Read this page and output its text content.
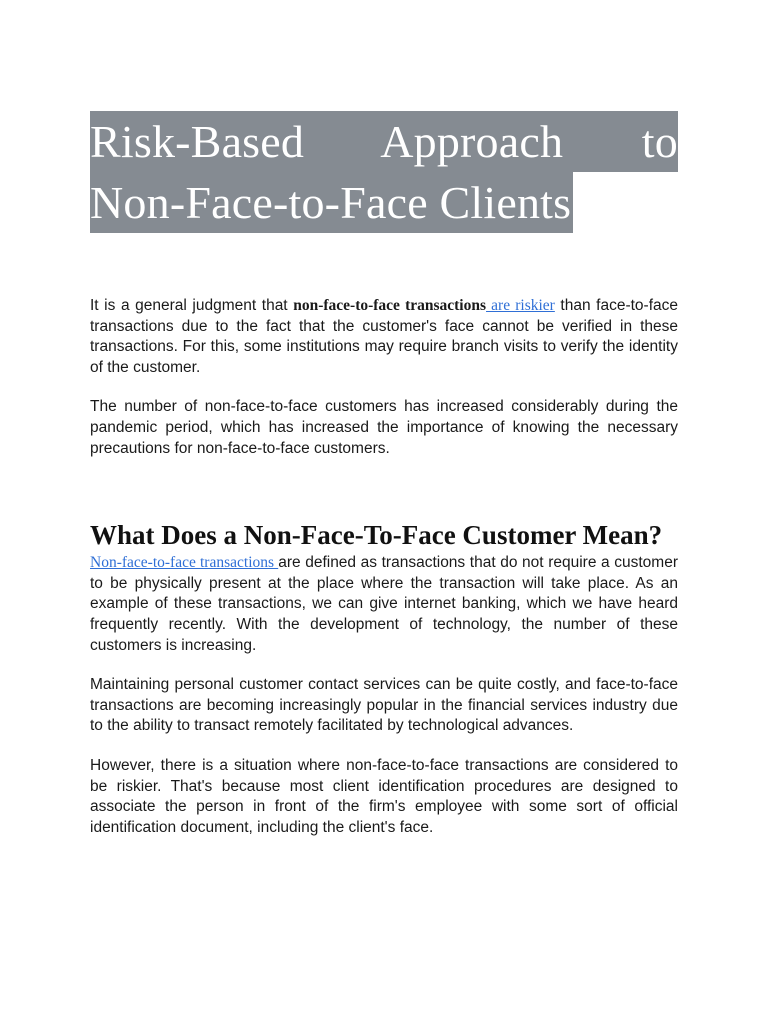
Risk-Based Approach to
Non-Face-to-Face Clients

It is a general judgment that non-face-to-face transactions are riskier than face-to-face transactions due to the fact that the customer's face cannot be verified in these transactions. For this, some institutions may require branch visits to verify the identity of the customer.

The number of non-face-to-face customers has increased considerably during the pandemic period, which has increased the importance of knowing the necessary precautions for non-face-to-face customers.

What Does a Non-Face-To-Face Customer Mean?

Non-face-to-face transactions are defined as transactions that do not require a customer to be physically present at the place where the transaction will take place. As an example of these transactions, we can give internet banking, which we have heard frequently recently. With the development of technology, the number of these customers is increasing.

Maintaining personal customer contact services can be quite costly, and face-to-face transactions are becoming increasingly popular in the financial services industry due to the ability to transact remotely facilitated by technological advances.

However, there is a situation where non-face-to-face transactions are considered to be riskier. That's because most client identification procedures are designed to associate the person in front of the firm's employee with some sort of official identification document, including the client's face.
